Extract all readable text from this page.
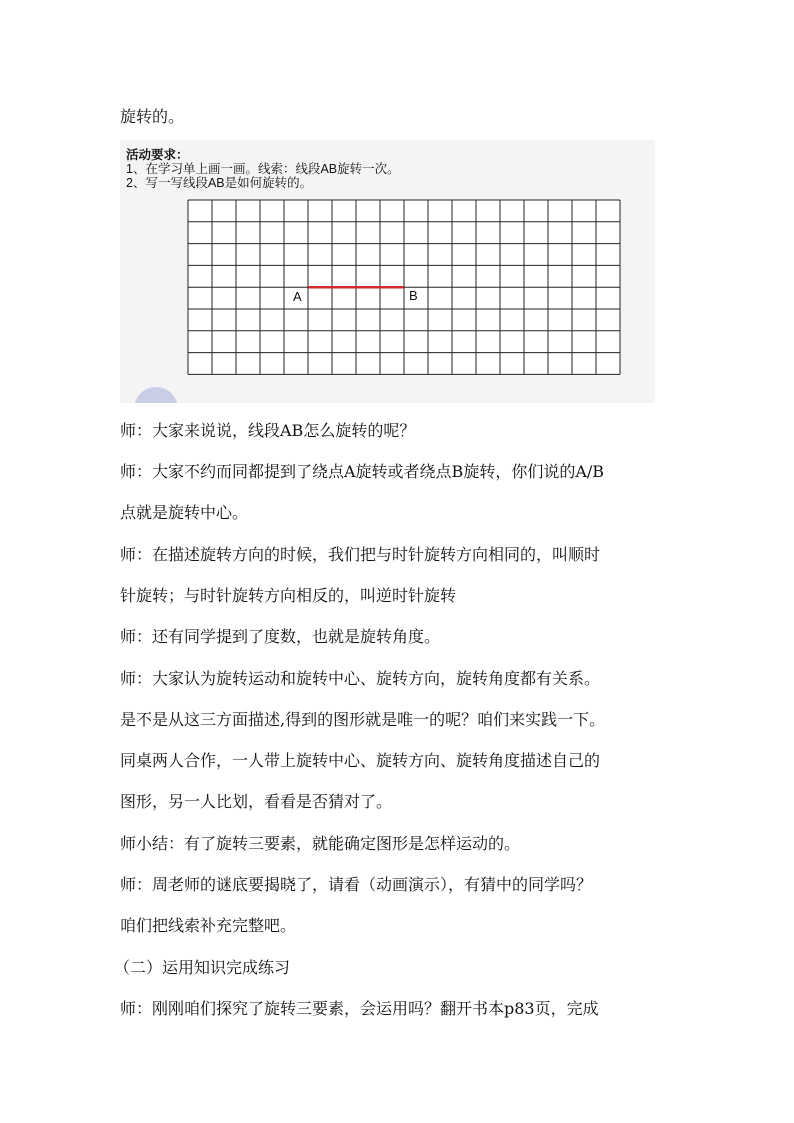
旋转的。

活动要求：

1、在学习单上画一画。线索：线段AB旋转一次。

2、写一写线段AB是如何旋转的。

A	B

师：大家来说说，线段AB怎么旋转的呢？

师：大家不约而同都提到了绕点A旋转或者绕点B旋转，你们说的A/B

点就是旋转中心。

师：在描述旋转方向的时候，我们把与时针旋转方向相同的，叫顺时

针旋转；与时针旋转方向相反的，叫逆时针旋转

师：还有同学提到了度数，也就是旋转角度。

师：大家认为旋转运动和旋转中心、旋转方向，旋转角度都有关系。

是不是从这三方面描述,得到的图形就是唯一的呢？咱们来实践一下。

同桌两人合作，一人带上旋转中心、旋转方向、旋转角度描述自己的

图形，另一人比划，看看是否猜对了。

师小结：有了旋转三要素，就能确定图形是怎样运动的。

师：周老师的谜底要揭晓了，请看（动画演示），有猜中的同学吗？

咱们把线索补充完整吧。

（二）运用知识完成练习

师：刚刚咱们探究了旋转三要素，会运用吗？翻开书本p83页，完成
